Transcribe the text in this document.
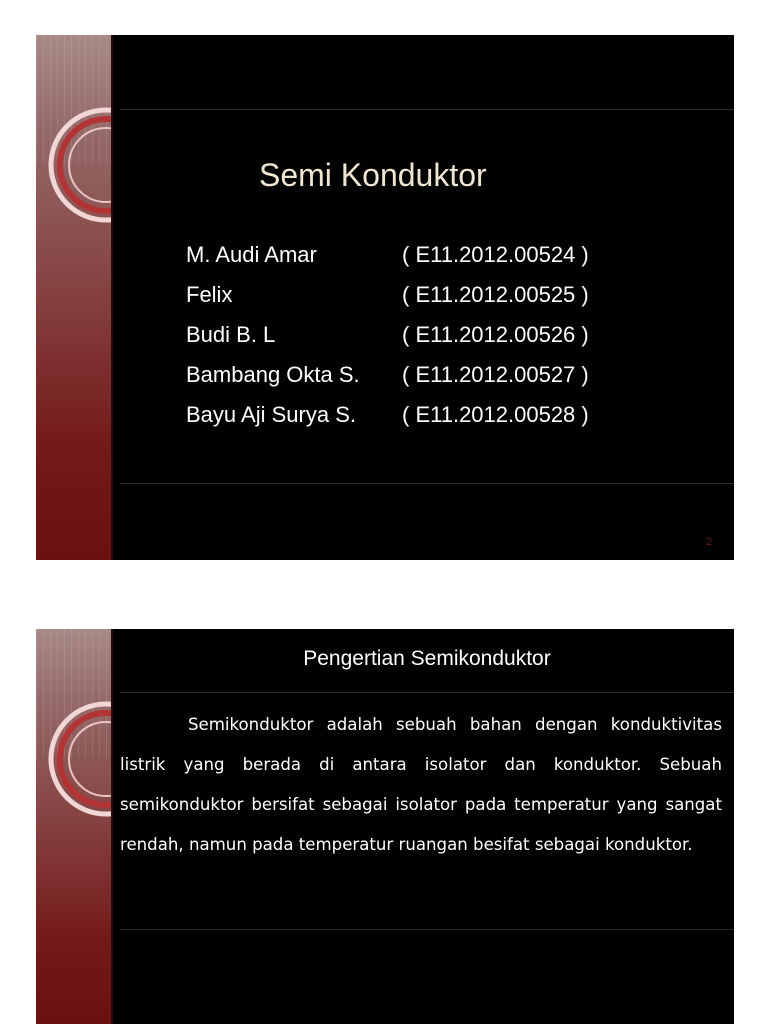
Semi Konduktor
M. Audi Amar	( E11.2012.00524 )
Felix	( E11.2012.00525 )
Budi B. L	( E11.2012.00526 )
Bambang Okta S. ( E11.2012.00527 )
Bayu Aji Surya S. ( E11.2012.00528 )
2
Pengertian Semikonduktor

Semikonduktor adalah sebuah bahan dengan konduktivitas listrik yang berada di antara isolator dan konduktor. Sebuah semikonduktor bersifat sebagai isolator pada temperatur yang sangat rendah, namun pada temperatur ruangan besifat sebagai konduktor.
